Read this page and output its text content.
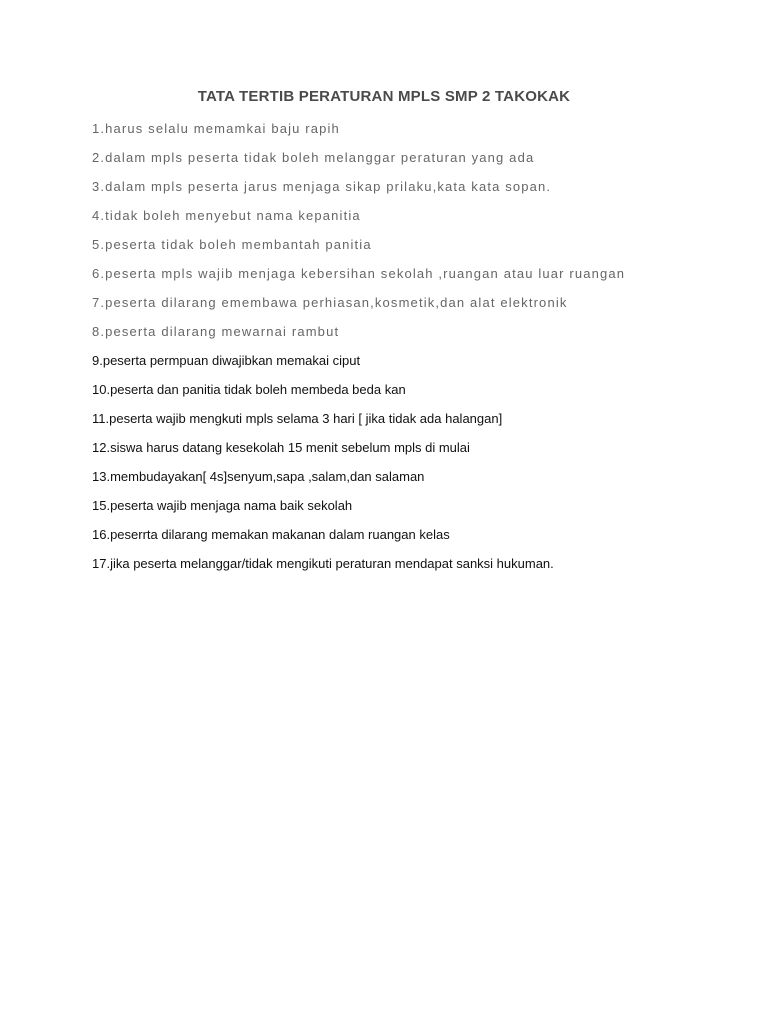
TATA TERTIB PERATURAN MPLS SMP 2 TAKOKAK
1.harus selalu memamkai baju rapih
2.dalam mpls peserta tidak boleh melanggar peraturan yang ada
3.dalam mpls peserta jarus menjaga sikap prilaku,kata kata sopan.
4.tidak boleh menyebut nama kepanitia
5.peserta tidak boleh membantah panitia
6.peserta mpls wajib menjaga kebersihan sekolah ,ruangan atau luar ruangan
7.peserta dilarang emembawa perhiasan,kosmetik,dan alat elektronik
8.peserta dilarang mewarnai rambut
9.peserta permpuan diwajibkan memakai ciput
10.peserta dan panitia tidak boleh membeda beda kan
11.peserta wajib mengkuti mpls selama 3 hari [ jika tidak ada halangan]
12.siswa harus datang kesekolah 15 menit sebelum mpls di mulai
13.membudayakan[ 4s]senyum,sapa ,salam,dan salaman
15.peserta wajib menjaga nama baik sekolah
16.peserrta dilarang memakan makanan dalam ruangan kelas
17.jika peserta melanggar/tidak mengikuti peraturan mendapat sanksi hukuman.
